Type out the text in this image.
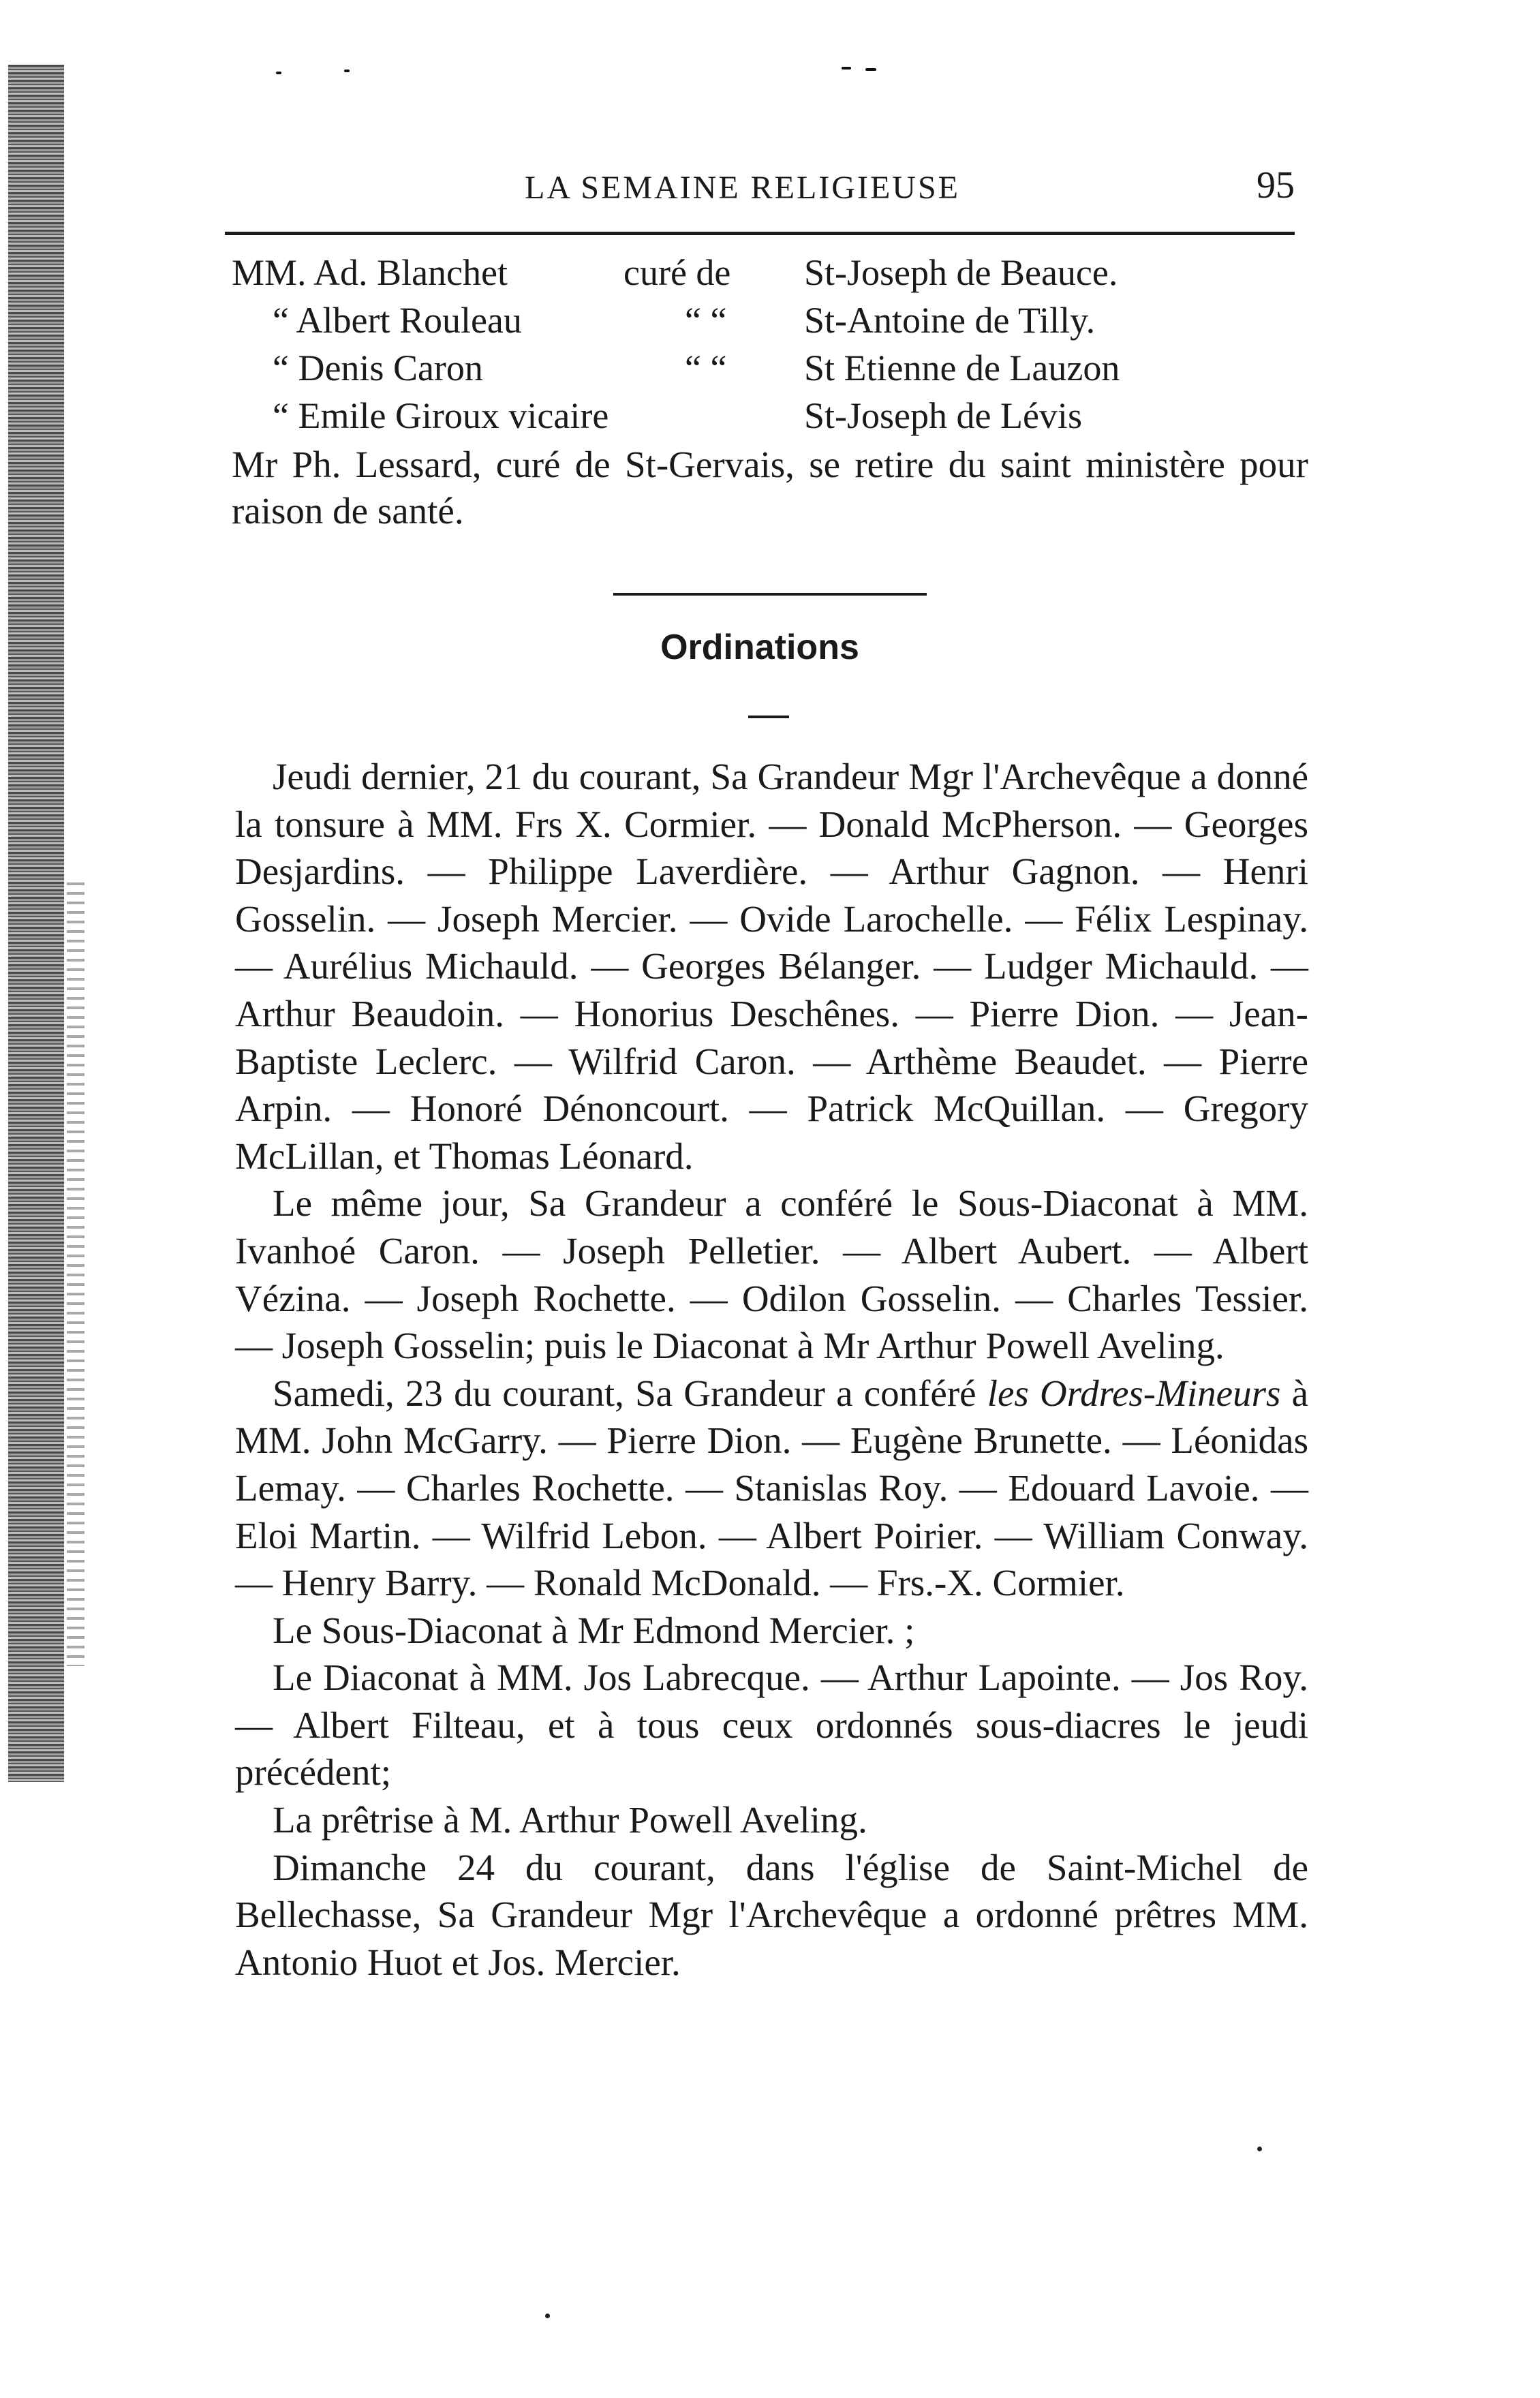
LA SEMAINE RELIGIEUSE	95
MM. Ad. Blanchet	curé de St-Joseph de Beauce.
“ Albert Rouleau	“ “ St-Antoine de Tilly.
“ Denis Caron	“ “ St Etienne de Lauzon
“ Emile Giroux vicaire	St-Joseph de Lévis

Mr Ph. Lessard, curé de St-Gervais, se retire du saint ministère pour raison de santé.

Ordinations

Jeudi dernier, 21 du courant, Sa Grandeur Mgr l'Archevêque a donné la tonsure à MM. Frs X. Cormier. — Donald McPherson. — Georges Desjardins. — Philippe Laverdière. — Arthur Gagnon. — Henri Gosselin. — Joseph Mercier. — Ovide Larochelle. — Félix Lespinay. — Aurélius Michauld. — Georges Bélanger. — Ludger Michauld. — Arthur Beaudoin. — Honorius Deschênes. — Pierre Dion. — Jean-Baptiste Leclerc. — Wilfrid Caron. — Arthème Beaudet. — Pierre Arpin. — Honoré Dénoncourt. — Patrick McQuillan. — Gregory McLillan, et Thomas Léonard.

Le même jour, Sa Grandeur a conféré le Sous-Diaconat à MM. Ivanhoé Caron. — Joseph Pelletier. — Albert Aubert. — Albert Vézina. — Joseph Rochette. — Odilon Gosselin. — Charles Tessier. — Joseph Gosselin; puis le Diaconat à Mr Arthur Powell Aveling.

Samedi, 23 du courant, Sa Grandeur a conféré les Ordres-Mineurs à MM. John McGarry. — Pierre Dion. — Eugène Brunette. — Léonidas Lemay. — Charles Rochette. — Stanislas Roy. — Edouard Lavoie. — Eloi Martin. — Wilfrid Lebon. — Albert Poirier. — William Conway. — Henry Barry. — Ronald McDonald. — Frs.-X. Cormier.

Le Sous-Diaconat à Mr Edmond Mercier. ;

Le Diaconat à MM. Jos Labrecque. — Arthur Lapointe. — Jos Roy. — Albert Filteau, et à tous ceux ordonnés sous-diacres le jeudi précédent;

La prêtrise à M. Arthur Powell Aveling.

Dimanche 24 du courant, dans l'église de Saint-Michel de Bellechasse, Sa Grandeur Mgr l'Archevêque a ordonné prêtres MM. Antonio Huot et Jos. Mercier.
